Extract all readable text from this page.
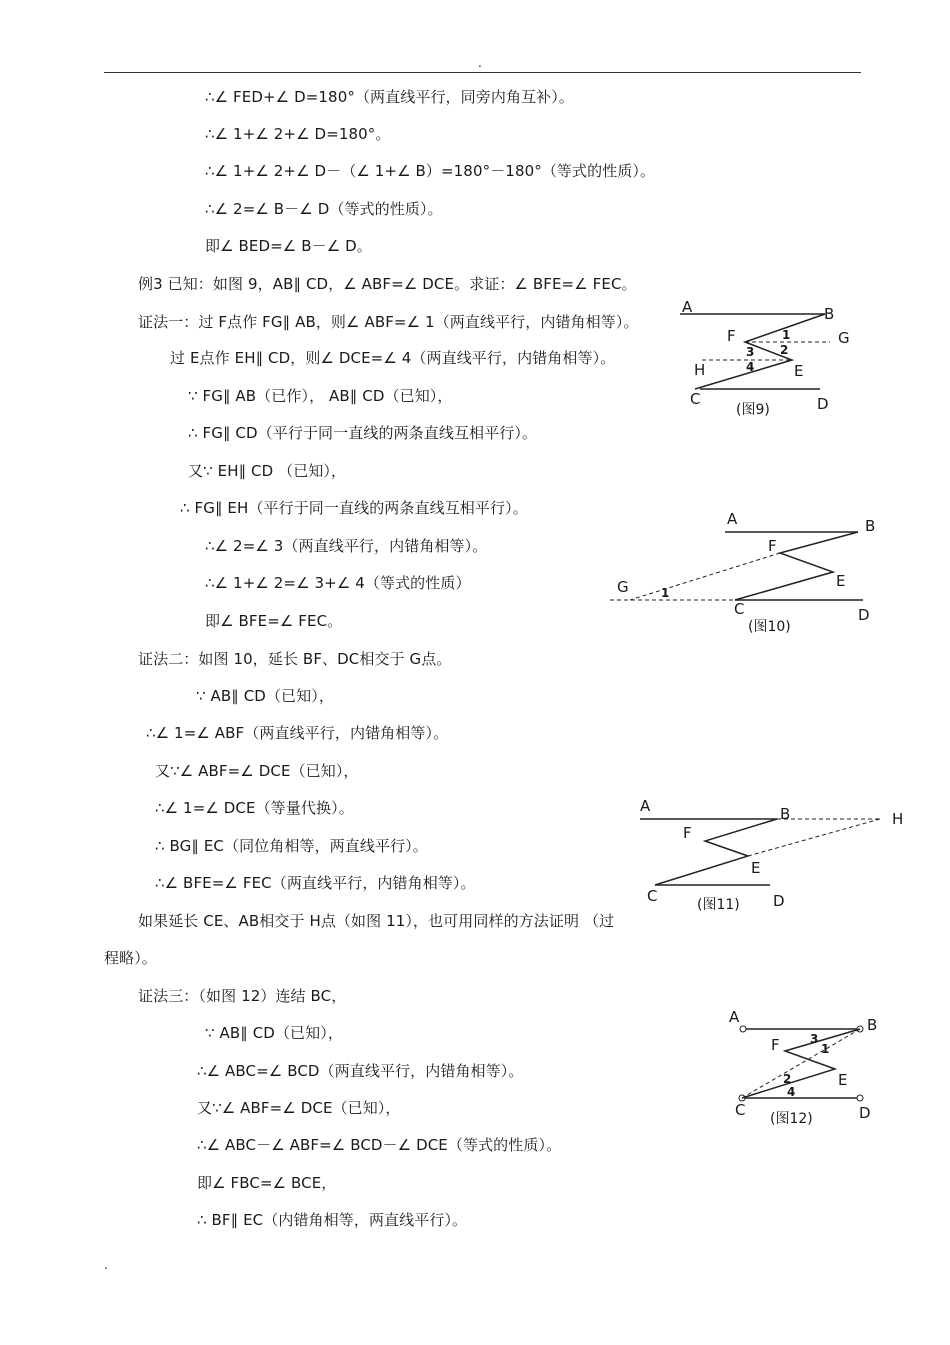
.
∴∠ FED+∠ D=180°（两直线平行，同旁内角互补）。
∴∠ 1+∠ 2+∠ D=180°。
∴∠ 1+∠ 2+∠ D－（∠ 1+∠ B）=180°－180°（等式的性质）。
∴∠ 2=∠ B－∠ D（等式的性质）。
即∠ BED=∠ B－∠ D。
例3 已知：如图 9，AB∥ CD，∠ ABF=∠ DCE。求证：∠ BFE=∠ FEC。
证法一：过 F点作 FG∥ AB，则∠ ABF=∠ 1（两直线平行，内错角相等）。
过 E点作 EH∥ CD，则∠ DCE=∠ 4（两直线平行，内错角相等）。
∵ FG∥ AB（已作）， AB∥ CD（已知），
∴ FG∥ CD（平行于同一直线的两条直线互相平行）。
又∵ EH∥ CD （已知），
∴ FG∥ EH（平行于同一直线的两条直线互相平行）。
∴∠ 2=∠ 3（两直线平行，内错角相等）。
∴∠ 1+∠ 2=∠ 3+∠ 4（等式的性质）
即∠ BFE=∠ FEC。
证法二：如图 10，延长 BF、DC相交于 G点。
∵ AB∥ CD（已知），
∴∠ 1=∠ ABF（两直线平行，内错角相等）。
又∵∠ ABF=∠ DCE（已知），
∴∠ 1=∠ DCE（等量代换）。
∴ BG∥ EC（同位角相等，两直线平行）。
∴∠ BFE=∠ FEC（两直线平行，内错角相等）。
如果延长 CE、AB相交于 H点（如图 11），也可用同样的方法证明 （过
程略）。
证法三：（如图 12）连结 BC，
∵ AB∥ CD（已知），
∴∠ ABC=∠ BCD（两直线平行，内错角相等）。
又∵∠ ABF=∠ DCE（已知），
∴∠ ABC－∠ ABF=∠ BCD－∠ DCE（等式的性质）。
即∠ FBC=∠ BCE，
∴ BF∥ EC（内错角相等，两直线平行）。
A	B
F	G
H	E
C	D
1
2
3
4
(图9)
A	B
F
E
G
C	D
1
(图10)
A	B	H
F
E
C	D
(图11)
A	B
F
E
C	D
3
1
2
4
(图12)
.
